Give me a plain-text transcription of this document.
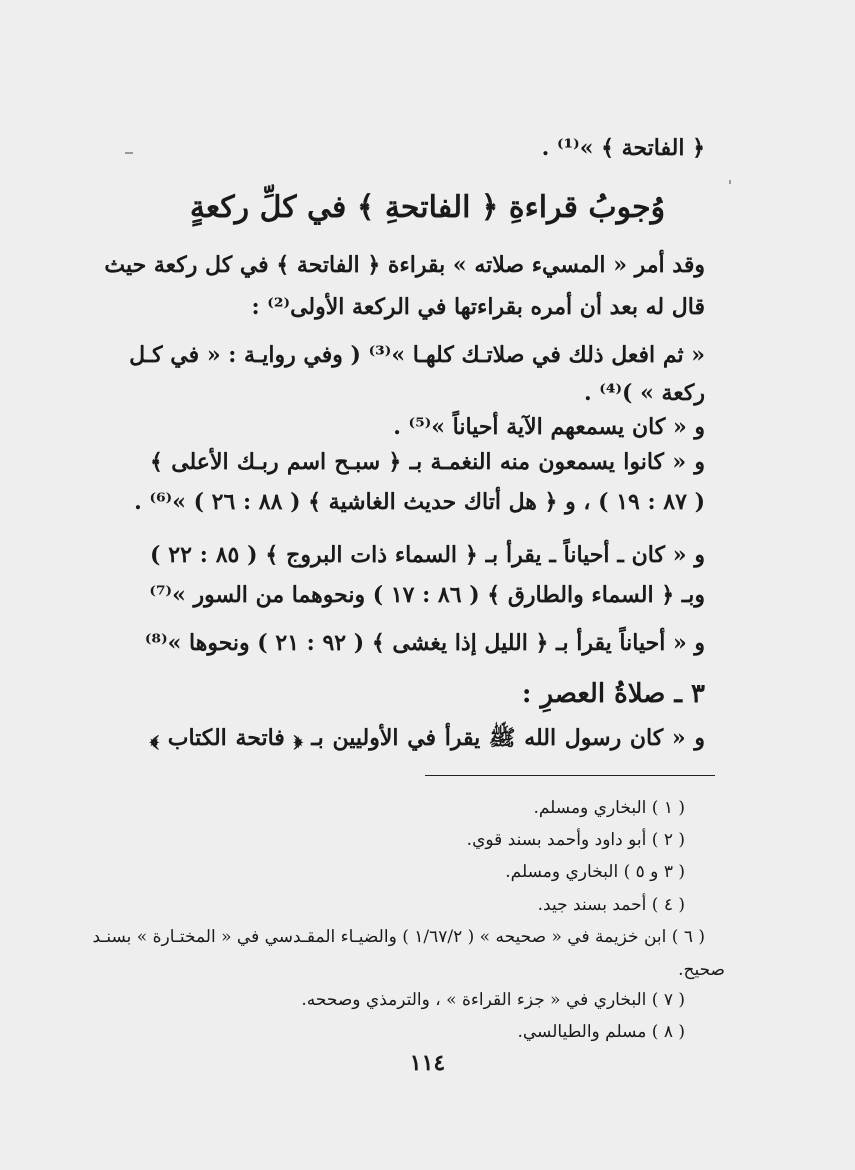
﴿ الفاتحة ﴾ »⁽¹⁾ .
وُجوبُ قراءةِ ﴿ الفاتحةِ ﴾ في كلِّ ركعةٍ
وقد أمر « المسيء صلاته » بقراءة ﴿ الفاتحة ﴾ في كل ركعة حيث
قال له بعد أن أمره بقراءتها في الركعة الأولى⁽²⁾ :
« ثم افعل ذلك في صلاتـك كلهـا »⁽³⁾ ( وفي روايـة : « في كـل
ركعة » )⁽⁴⁾ .
و « كان يسمعهم الآية أحياناً »⁽⁵⁾ .
و « كانوا يسمعون منه النغمـة بـ ﴿ سبـح اسم ربـك الأعلى ﴾
( ٨٧ : ١٩ ) ، و ﴿ هل أتاك حديث الغاشية ﴾ ( ٨٨ : ٢٦ ) »⁽⁶⁾ .
و « كان ـ أحياناً ـ يقرأ بـ ﴿ السماء ذات البروج ﴾ ( ٨٥ : ٢٢ )
وبـ ﴿ السماء والطارق ﴾ ( ٨٦ : ١٧ ) ونحوهما من السور »⁽⁷⁾
و « أحياناً يقرأ بـ ﴿ الليل إذا يغشى ﴾ ( ٩٢ : ٢١ ) ونحوها »⁽⁸⁾
٣ ـ صلاةُ العصرِ :
و « كان رسول الله ﷺ يقرأ في الأوليين بـ ﴿ فاتحة الكتاب ﴾
( ١ ) البخاري ومسلم.
( ٢ ) أبو داود وأحمد بسند قوي.
( ٣ و ٥ ) البخاري ومسلم.
( ٤ ) أحمد بسند جيد.
( ٦ ) ابن خزيمة في « صحيحه » ( ١/٦٧/٢ ) والضيـاء المقـدسي في « المختـارة » بسنـد
صحيح.
( ٧ ) البخاري في « جزء القراءة » ، والترمذي وصححه.
( ٨ ) مسلم والطيالسي.
١١٤
